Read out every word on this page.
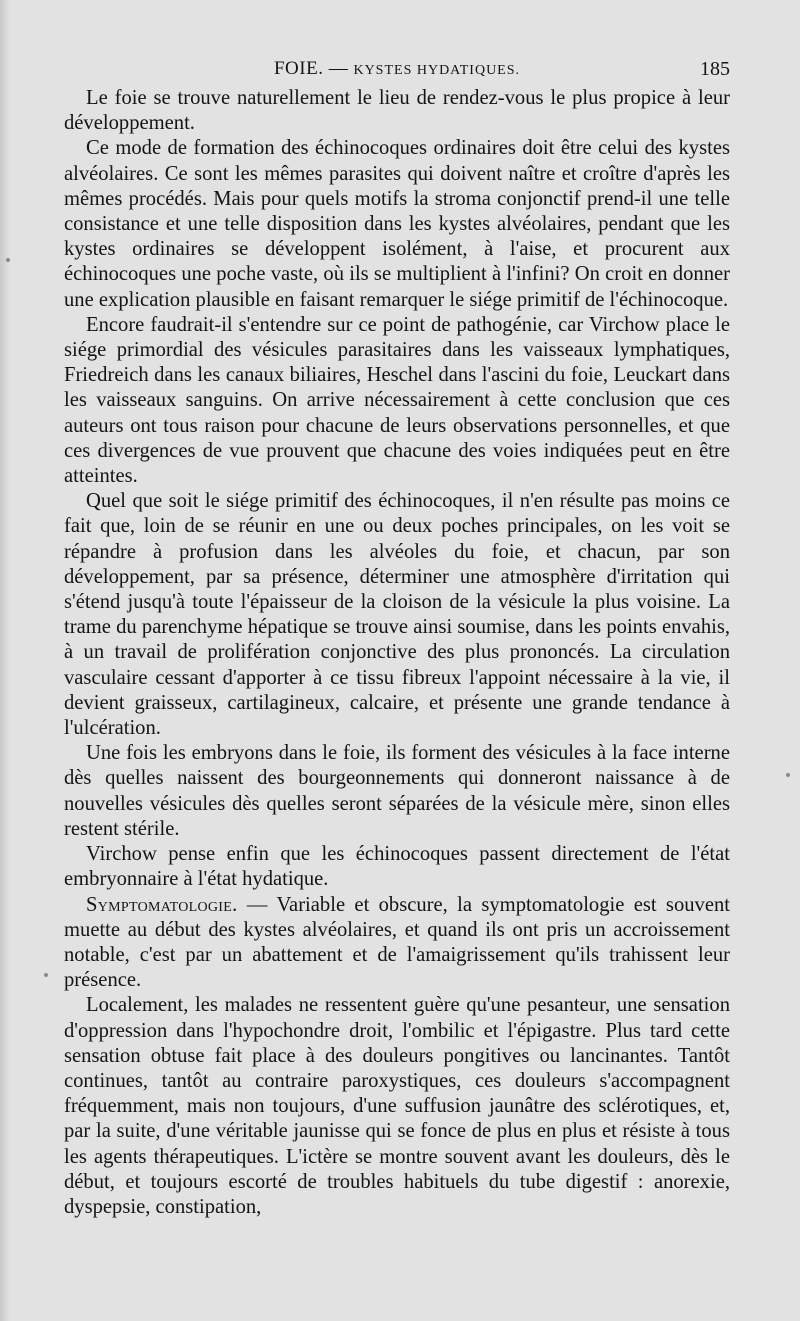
FOIE. — KYSTES HYDATIQUES.	185

Le foie se trouve naturellement le lieu de rendez-vous le plus propice à leur développement.

Ce mode de formation des échinocoques ordinaires doit être celui des kystes alvéolaires. Ce sont les mêmes parasites qui doivent naître et croître d'après les mêmes procédés. Mais pour quels motifs la stroma conjonctif prend-il une telle consistance et une telle disposition dans les kystes alvéolaires, pendant que les kystes ordinaires se développent isolément, à l'aise, et procurent aux échinocoques une poche vaste, où ils se multiplient à l'infini? On croit en donner une explication plausible en faisant remarquer le siége primitif de l'échinocoque.

Encore faudrait-il s'entendre sur ce point de pathogénie, car Virchow place le siége primordial des vésicules parasitaires dans les vaisseaux lymphatiques, Friedreich dans les canaux biliaires, Heschel dans l'ascini du foie, Leuckart dans les vaisseaux sanguins. On arrive nécessairement à cette conclusion que ces auteurs ont tous raison pour chacune de leurs observations personnelles, et que ces divergences de vue prouvent que chacune des voies indiquées peut en être atteintes.

Quel que soit le siége primitif des échinocoques, il n'en résulte pas moins ce fait que, loin de se réunir en une ou deux poches principales, on les voit se répandre à profusion dans les alvéoles du foie, et chacun, par son développement, par sa présence, déterminer une atmosphère d'irritation qui s'étend jusqu'à toute l'épaisseur de la cloison de la vésicule la plus voisine. La trame du parenchyme hépatique se trouve ainsi soumise, dans les points envahis, à un travail de prolifération conjonctive des plus prononcés. La circulation vasculaire cessant d'apporter à ce tissu fibreux l'appoint nécessaire à la vie, il devient graisseux, cartilagineux, calcaire, et présente une grande tendance à l'ulcération.

Une fois les embryons dans le foie, ils forment des vésicules à la face interne dès quelles naissent des bourgeonnements qui donneront naissance à de nouvelles vésicules dès quelles seront séparées de la vésicule mère, sinon elles restent stérile.

Virchow pense enfin que les échinocoques passent directement de l'état embryonnaire à l'état hydatique.

Symptomatologie. — Variable et obscure, la symptomatologie est souvent muette au début des kystes alvéolaires, et quand ils ont pris un accroissement notable, c'est par un abattement et de l'amaigrissement qu'ils trahissent leur présence.

Localement, les malades ne ressentent guère qu'une pesanteur, une sensation d'oppression dans l'hypochondre droit, l'ombilic et l'épigastre. Plus tard cette sensation obtuse fait place à des douleurs pongitives ou lancinantes. Tantôt continues, tantôt au contraire paroxystiques, ces douleurs s'accompagnent fréquemment, mais non toujours, d'une suffusion jaunâtre des sclérotiques, et, par la suite, d'une véritable jaunisse qui se fonce de plus en plus et résiste à tous les agents thérapeutiques. L'ictère se montre souvent avant les douleurs, dès le début, et toujours escorté de troubles habituels du tube digestif : anorexie, dyspepsie, constipation,
